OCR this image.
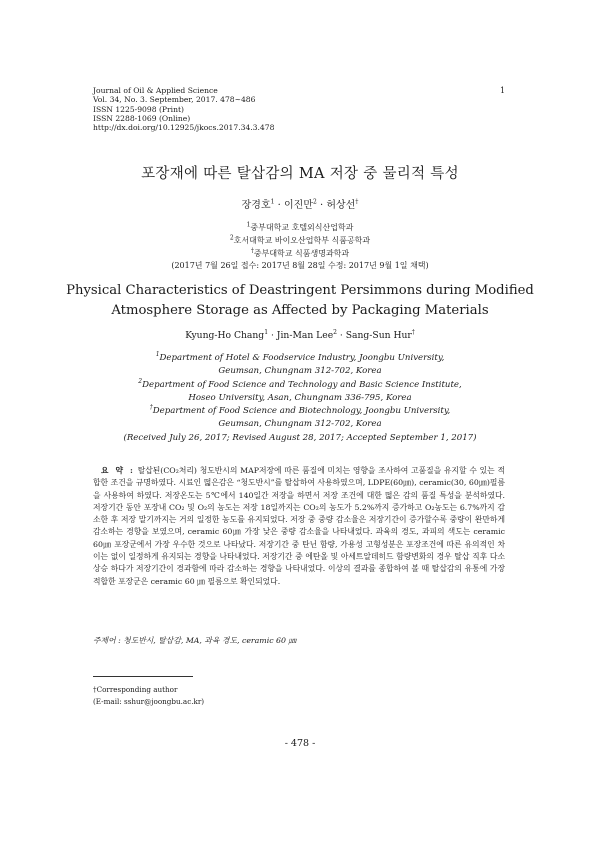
Journal of Oil & Applied Science
Vol. 34, No. 3. September, 2017. 478~486
ISSN 1225-9098 (Print)
ISSN 2288-1069 (Online)
http://dx.doi.org/10.12925/jkocs.2017.34.3.478
1
포장재에 따른 탈삽감의 MA 저장 중 물리적 특성
장경호$^1$ · 이진만$^2$ · 허상선†
$^1$중부대학교 호텔외식산업학과
$^2$호서대학교 바이오산업학부 식품공학과
†중부대학교 식품생명과학과
(2017년 7월 26일 접수: 2017년 8월 28일 수정: 2017년 9월 1일 채택)
Physical Characteristics of Deastringent Persimmons during Modified
Atmosphere Storage as Affected by Packaging Materials
Kyung-Ho Chang$^1$ · Jin-Man Lee$^2$ · Sang-Sun Hur†
$^1$Department of Hotel & Foodservice Industry, Joongbu University,
Geumsan, Chungnam 312-702, Korea
$^2$Department of Food Science and Technology and Basic Science Institute,
Hoseo University, Asan, Chungnam 336-795, Korea
†Department of Food Science and Biotechnology, Joongbu University,
Geumsan, Chungnam 312-702, Korea
(Received July 26, 2017; Revised August 28, 2017; Accepted September 1, 2017)
요 약 : 탈삽된(CO₂처리) 청도반시의 MAP저장에 따른 품질에 미치는 영향을 조사하여 고품질을 유지할 수 있는 적합한 조건을 규명하였다. 시료인 떫은감은 “청도반시”를 탈삽하여 사용하였으며, LDPE(60㎛), ceramic(30, 60㎛)필름을 사용하여 하였다. 저장온도는 5℃에서 140일간 저장을 하면서 저장 조건에 대한 떫은 감의 품질 특성을 분석하였다. 저장기간 동안 포장내 CO₂ 및 O₂의 농도는 저장 18일까지는 CO₂의 농도가 5.2%까지 증가하고 O₂농도는 6.7%까지 감소한 후 저장 말기까지는 거의 일정한 농도를 유지되었다. 저장 중 중량 감소율은 저장기간이 증가할수록 중량이 완만하게 감소하는 경향을 보였으며, ceramic 60㎛ 가장 낮은 중량 감소율을 나타내었다. 과육의 경도, 과피의 색도는 ceramic 60㎛ 포장군에서 가장 우수한 것으로 나타났다. 저장기간 중 탄닌 함량, 가용성 고형성분은 포장조건에 따른 유의적인 차이는 없이 일정하게 유지되는 경향을 나타내었다. 저장기간 중 에탄올 및 아세트알데히드 함량변화의 경우 탈삽 직후 다소 상승 하다가 저장기간이 경과함에 따라 감소하는 경향을 나타내었다. 이상의 결과를 종합하여 볼 때 탈삽감의 유통에 가장 적합한 포장군은 ceramic 60 ㎛ 필름으로 확인되었다.
주제어 : 청도반시, 탈삽감, MA, 과육 경도, ceramic 60 ㎛
†Corresponding author
(E-mail: sshur@joongbu.ac.kr)
- 478 -
